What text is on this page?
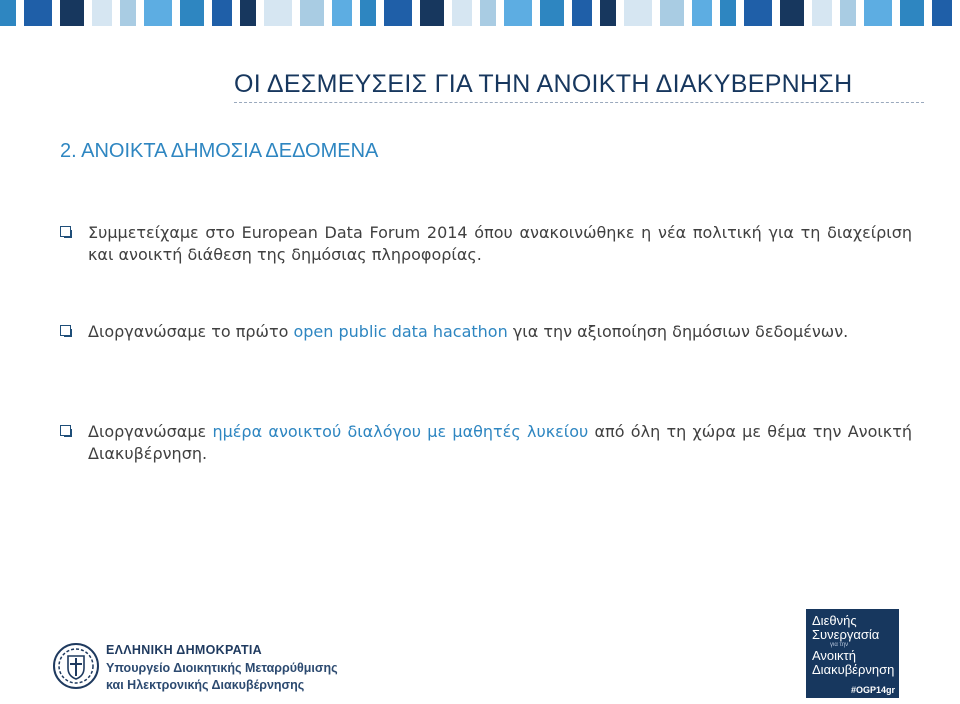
ΟΙ ΔΕΣΜΕΥΣΕΙΣ ΓΙΑ ΤΗΝ ΑΝΟΙΚΤΗ ΔΙΑΚΥΒΕΡΝΗΣΗ
2. ΑΝΟΙΚΤΑ ΔΗΜΟΣΙΑ ΔΕΔΟΜΕΝΑ
Συμμετείχαμε στο European Data Forum 2014 όπου ανακοινώθηκε η νέα πολιτική για τη διαχείριση και ανοικτή διάθεση της δημόσιας πληροφορίας.
Διοργανώσαμε το πρώτο open public data hacathon για την αξιοποίηση δημόσιων δεδομένων.
Διοργανώσαμε ημέρα ανοικτού διαλόγου με μαθητές λυκείου από όλη τη χώρα με θέμα την Ανοικτή Διακυβέρνηση.
ΕΛΛΗΝΙΚΗ ΔΗΜΟΚΡΑΤΙΑ
Υπουργείο Διοικητικής Μεταρρύθμισης
και Ηλεκτρονικής Διακυβέρνησης
Διεθνής
Συνεργασία
για την
Ανοικτή
Διακυβέρνηση
#OGP14gr
